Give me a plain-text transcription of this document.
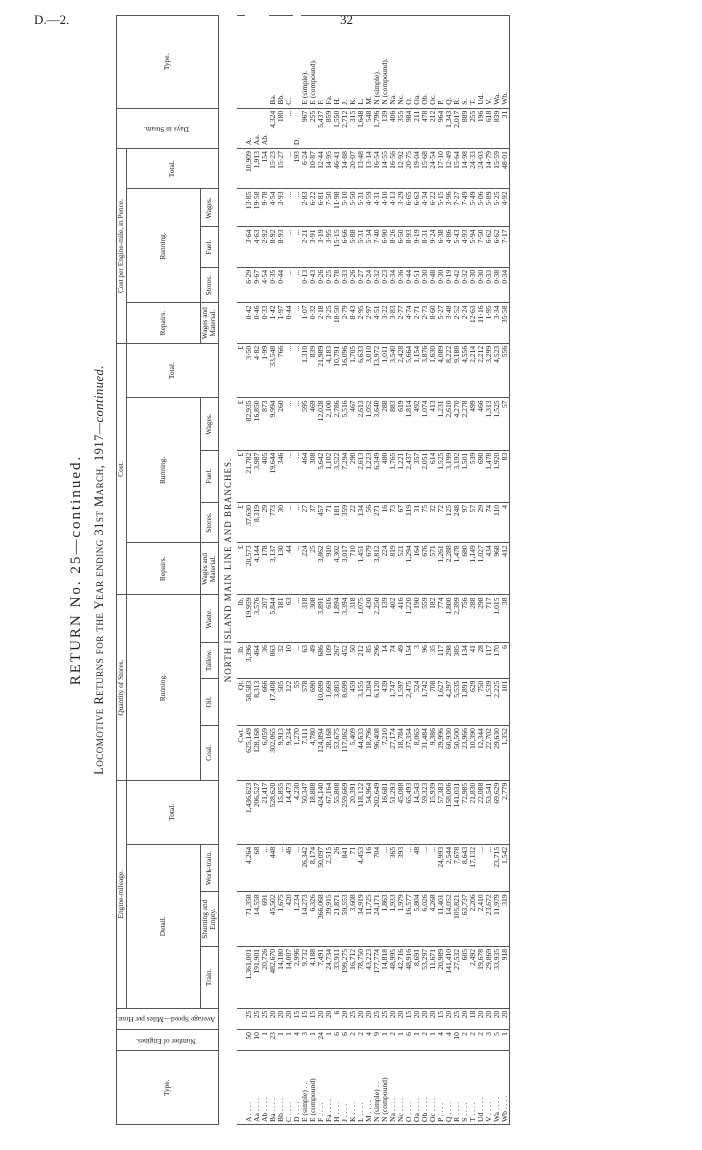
D.—2.	32
RETURN No. 25—continued. Locomotive Returns for the Year ending 31st March, 1917—continued.
Type.	Number of Engines.	Average Speed—Miles per Hour.	Engine-mileage.				Quantity of Stores.				Cost.					Cost per Engine-mile, in Pence.					Days in Steam.	Type.
			Detail.			Total.	Running.				Repairs.	Running.			Total.	Repairs.	Running.			Total.		
			Train.	Shunting and Empty.	Work-train.		Coal.	Oil.	Tallow.	Waste.	Wages and Material.	Stores.	Fuel.	Wages.		Wages and Material.	Stores.	Fuel.	Wages.			
NORTH ISLAND MAIN LINE AND BRANCHES.																						
							Cwt.	Qt.	lb.	lb.	£	£	£	£	£							
A . . . .	50	25	1,361,001	71,358	4,264	1,436,623	625,149	58,583	3,396	19,959	20,573	37,630	21,782	82,935	3·50	0·42	6·29	3·64	13·85	10,909	A.	
Aa . . . .	10	25	191,901	14,558	68	206,527	128,168	8,313	464	3,576	4,144	8,319	3,987	16,850	4·82	0·46	9·67	4·63	19·58	1,913	Aa.	
Ab . . . .	1	25	20,726	691	...	21,417	6,059	666	36	207	178	29	405	873	1·99	0·33	4·54	2·92	9·78	154	Ab.	
Ba . . . .	23	20	482,670	45,502	448	528,620	302,065	17,408	863	5,844	3,137	773	19,644	9,994	33,548	1·42	0·35	8·92	4·54	15·23	4,324	Ba.
Bb . . . .	1	20	14,180	1,675	...	15,855	9,913	505	32	181	130	30	346	260	766	1·97	0·44	8·93	3·93	15·27	180	Bb.
C . . . .	1	20	14,007	420	46	14,473	9,234	122	10	63	44	...	...	...	...	0·44	...	...	...	...	...	C.
D . . . .	4	15	2,996	1,234	...	4,230	1,270	55	...	...	...	...	...	...	...	...	...	...	...	193	D.	
E (simple) . .	3	15	9,732	14,273	26,342	50,347	7,111	578	63	318	224	27	464	595	1,310	1·07	0·13	2·21	2·83	6·24	967	E (simple).
E (compound)	1	15	4,188	6,326	8,174	18,888	4,780	690	49	308	25	37	308	469	839	0·32	0·43	3·91	6·22	10·87	255	E (compound).
F . . . .	24	20	7,491	366,068	50,097	424,140	124,894	10,699	686	3,891	3,862	457	5,642	12,028	21,989	2·18	0·26	3·19	6·81	12·44	5,437	F.
Fa . . . .	1	20	24,734	39,915	2,515	67,164	28,168	1,669	109	616	910	71	1,102	2,100	4,183	3·25	0·25	3·95	7·50	14·95	859	Fa.
H . . . .	6	6	33,911	21,871	26	55,808	53,675	3,803	267	1,894	4,302	181	3,522	2,786	10,791	18·50	0·78	15·15	11·98	46·41	1,550	H.
J . . . .	6	20	199,275	59,553	841	259,669	117,062	8,699	452	3,394	3,017	359	7,294	5,516	16,096	2·79	0·33	6·66	5·10	14·88	2,712	J.
K . . . .	2	25	16,712	3,608	71	20,391	5,409	459	50	318	710	22	290	467	1,705	8·43	0·26	5·88	5·50	20·07	315	K.
L . . . .	2	20	78,750	34,919	4,453	118,122	44,633	3,155	212	1,075	1,451	134	2,613	2,613	6,633	2·95	0·27	5·31	5·31	13·48	1,648	L.
M . . . .	4	20	43,223	11,725	16	54,964	18,796	1,204	85	430	679	56	1,223	1,052	3,010	2·97	0·24	5·34	4·59	13·14	548	M.
N (simple) . .	9	25	177,774	24,171	704	202,649	96,408	6,120	296	2,250	3,812	271	6,349	3,640	13,972	4·51	0·32	7·40	4·31	16·54	1,796	N (simple).
N (compound)	1	25	14,818	1,863	...	16,681	7,210	439	14	139	224	16	480	288	1,011	3·22	0·23	6·90	4·10	14·55	139	N (compound).
Na . . . .	2	20	48,995	1,933	365	51,293	27,174	1,747	74	402	819	73	1,765	883	3,540	3·83	0·34	8·26	4·13	16·56	406	Na.
Nc . . . .	1	20	42,716	1,979	393	45,088	18,784	1,597	49	416	521	67	1,221	619	2,428	2·77	0·36	6·50	3·29	12·92	355	Nc.
O . . . .	6	15	48,916	16,577	...	65,493	37,354	2,475	154	1,220	1,294	119	2,437	1,814	5,664	4·74	0·44	8·93	6·65	20·75	984	O.
Oa . . . .	1	20	8,691	5,804	48	14,543	8,065	524	3	190	164	31	357	492	1,154	2·71	0·51	9·19	6·63	19·04	211	Oa.
Ob . . . .	2	20	53,297	6,026	...	59,323	31,484	1,742	96	559	676	75	2,051	1,074	3,876	2·73	0·30	8·31	4·34	15·68	478	Ob.
Oc . . . .	1	20	11,671	4,268	...	15,939	9,386	708	35	182	571	32	614	413	1,630	8·60	0·48	9·24	6·22	24·54	212	Oc.
P . . . .	4	15	20,989	11,401	24,993	57,383	29,996	1,627	117	774	1,261	72	1,525	1,231	4,089	5·27	0·30	6·38	5·15	17·10	964	P.
Q . . . .	4	20	141,410	14,052	2,544	158,006	60,930	4,297	298	1,800	2,288	125	3,199	2,610	8,222	3·48	0·19	4·86	3·96	12·49	1,343	Q.
R . . . .	10	25	27,532	105,821	7,678	141,031	50,500	5,535	385	2,399	1,478	248	3,192	4,270	9,188	2·52	0·42	5·43	7·27	15·64	2,017	R.
S . . . .	2	20	605	63,737	8,643	72,985	23,966	1,891	134	756	680	97	1,501	2,278	4,556	2·24	0·32	4·93	7·49	14·98	889	S.
T . . . .	2	18	2,492	2,206	17,132	21,830	10,390	629	41	288	1,149	57	539	499	2,214	12·63	0·30	5·94	5·49	24·33	255	T.
Ud . . . .	2	20	19,678	2,410	...	22,088	12,344	750	28	298	1,027	29	690	466	2,212	11·16	0·30	7·50	5·06	24·03	196	Ud.
V . . . .	3	20	29,869	23,672	...	53,541	22,702	1,539	117	717	434	74	1,478	1,313	3,299	1·95	0·33	6·62	5·89	14·79	618	V.
Wa . . . .	5	20	33,935	11,979	23,715	69,629	29,630	2,225	170	1,015	968	110	1,920	1,525	4,523	3·34	0·38	6·62	5·25	15·59	839	Wa.
Wb . . . .	1	20	918	319	1,542	2,779	1,352	101	6	38	412	4	83	57	556	35·58	0·34	7·17	4·92	48·01	31	Wb.
